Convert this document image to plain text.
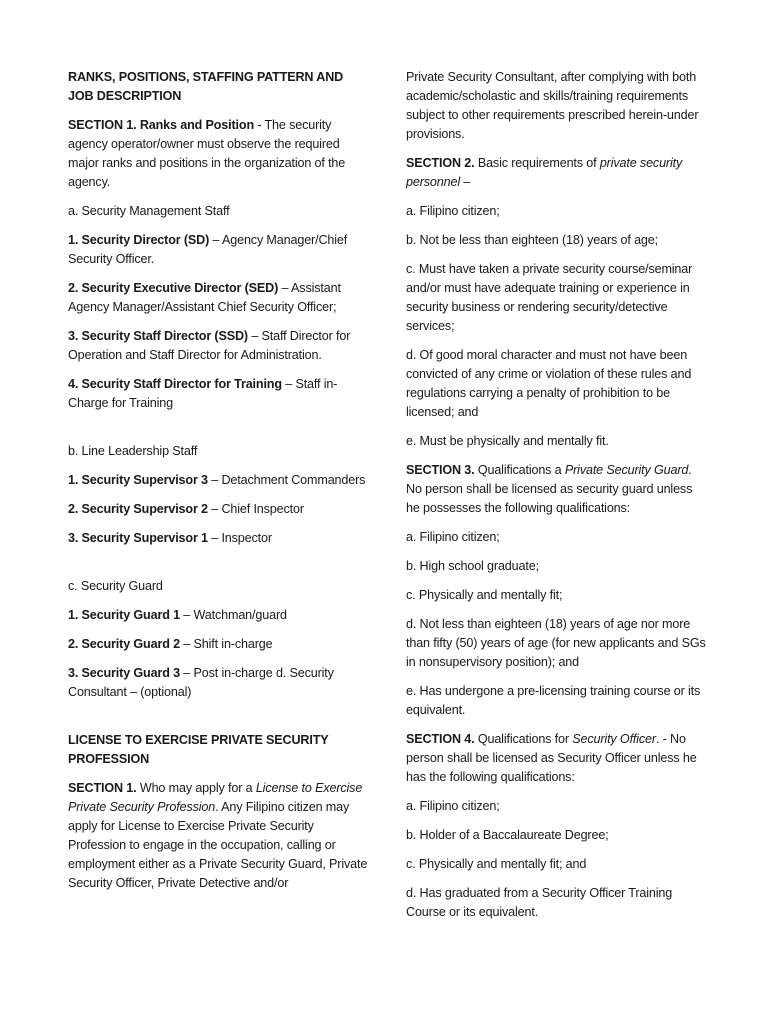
RANKS, POSITIONS, STAFFING PATTERN AND JOB DESCRIPTION

SECTION 1. Ranks and Position - The security agency operator/owner must observe the required major ranks and positions in the organization of the agency.

a. Security Management Staff

1. Security Director (SD) – Agency Manager/Chief Security Officer.

2. Security Executive Director (SED) – Assistant Agency Manager/Assistant Chief Security Officer;

3. Security Staff Director (SSD) – Staff Director for Operation and Staff Director for Administration.

4. Security Staff Director for Training – Staff in-Charge for Training

b. Line Leadership Staff

1. Security Supervisor 3 – Detachment Commanders

2. Security Supervisor 2 – Chief Inspector

3. Security Supervisor 1 – Inspector

c. Security Guard

1. Security Guard 1 – Watchman/guard

2. Security Guard 2 – Shift in-charge

3. Security Guard 3 – Post in-charge d. Security Consultant – (optional)

LICENSE TO EXERCISE PRIVATE SECURITY PROFESSION

SECTION 1. Who may apply for a License to Exercise Private Security Profession. Any Filipino citizen may apply for License to Exercise Private Security Profession to engage in the occupation, calling or employment either as a Private Security Guard, Private Security Officer, Private Detective and/or

Private Security Consultant, after complying with both academic/scholastic and skills/training requirements subject to other requirements prescribed herein-under provisions.

SECTION 2. Basic requirements of private security personnel –

a. Filipino citizen;

b. Not be less than eighteen (18) years of age;

c. Must have taken a private security course/seminar and/or must have adequate training or experience in security business or rendering security/detective services;

d. Of good moral character and must not have been convicted of any crime or violation of these rules and regulations carrying a penalty of prohibition to be licensed; and

e. Must be physically and mentally fit.

SECTION 3. Qualifications a Private Security Guard. No person shall be licensed as security guard unless he possesses the following qualifications:

a. Filipino citizen;

b. High school graduate;

c. Physically and mentally fit;

d. Not less than eighteen (18) years of age nor more than fifty (50) years of age (for new applicants and SGs in nonsupervisory position); and

e. Has undergone a pre-licensing training course or its equivalent.

SECTION 4. Qualifications for Security Officer. - No person shall be licensed as Security Officer unless he has the following qualifications:

a. Filipino citizen;

b. Holder of a Baccalaureate Degree;

c. Physically and mentally fit; and

d. Has graduated from a Security Officer Training Course or its equivalent.
